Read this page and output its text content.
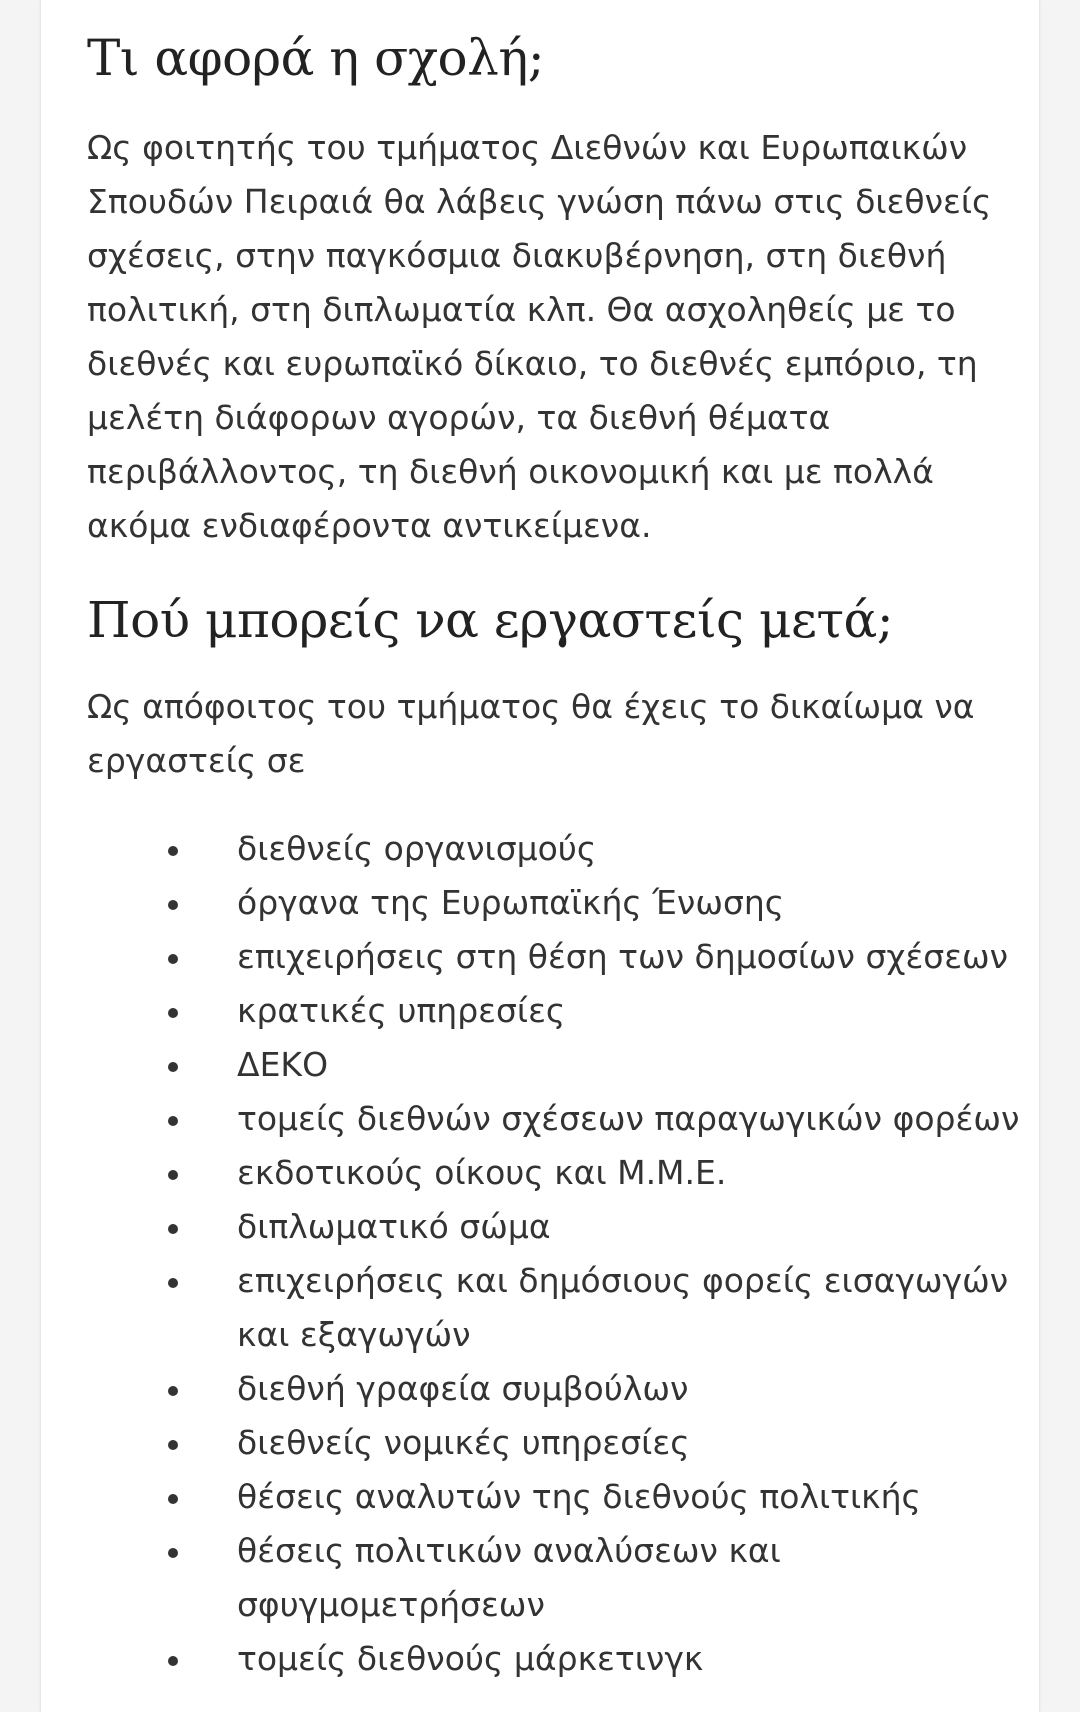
Τι αφορά η σχολή;

Ως φοιτητής του τμήματος Διεθνών και Ευρωπαικών Σπουδών Πειραιά θα λάβεις γνώση πάνω στις διεθνείς σχέσεις, στην παγκόσμια διακυβέρνηση, στη διεθνή πολιτική, στη διπλωματία κλπ. Θα ασχοληθείς με το διεθνές και ευρωπαϊκό δίκαιο, το διεθνές εμπόριο, τη μελέτη διάφορων αγορών, τα διεθνή θέματα περιβάλλοντος, τη διεθνή οικονομική και με πολλά ακόμα ενδιαφέροντα αντικείμενα.

Πού μπορείς να εργαστείς μετά;

Ως απόφοιτος του τμήματος θα έχεις το δικαίωμα να εργαστείς σε

διεθνείς οργανισμούς
όργανα της Ευρωπαϊκής Ένωσης
επιχειρήσεις στη θέση των δημοσίων σχέσεων
κρατικές υπηρεσίες
ΔΕΚΟ
τομείς διεθνών σχέσεων παραγωγικών φορέων
εκδοτικούς οίκους και Μ.Μ.Ε.
διπλωματικό σώμα
επιχειρήσεις και δημόσιους φορείς εισαγωγών και εξαγωγών
διεθνή γραφεία συμβούλων
διεθνείς νομικές υπηρεσίες
θέσεις αναλυτών της διεθνούς πολιτικής
θέσεις πολιτικών αναλύσεων και σφυγμομετρήσεων
τομείς διεθνούς μάρκετινγκ
